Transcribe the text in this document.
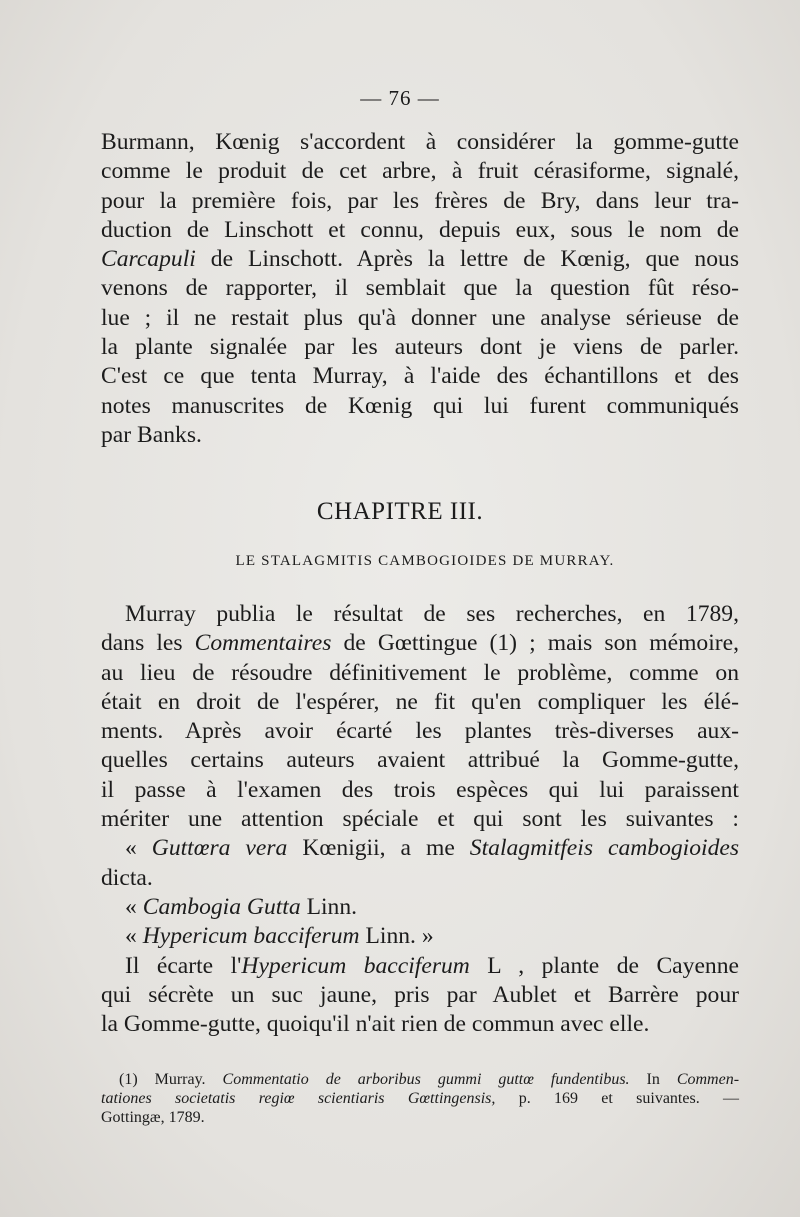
— 76 —
Burmann, Kœnig s'accordent à considérer la gomme-gutte
comme le produit de cet arbre, à fruit cérasiforme, signalé,
pour la première fois, par les frères de Bry, dans leur tra-
duction de Linschott et connu, depuis eux, sous le nom de
Carcapuli de Linschott. Après la lettre de Kœnig, que nous
venons de rapporter, il semblait que la question fût réso-
lue ; il ne restait plus qu'à donner une analyse sérieuse de
la plante signalée par les auteurs dont je viens de parler.
C'est ce que tenta Murray, à l'aide des échantillons et des
notes manuscrites de Kœnig qui lui furent communiqués
par Banks.
CHAPITRE III.
LE STALAGMITIS CAMBOGIOIDES DE MURRAY.
Murray publia le résultat de ses recherches, en 1789,
dans les Commentaires de Gœttingue (1) ; mais son mémoire,
au lieu de résoudre définitivement le problème, comme on
était en droit de l'espérer, ne fit qu'en compliquer les élé-
ments. Après avoir écarté les plantes très-diverses aux-
quelles certains auteurs avaient attribué la Gomme-gutte,
il passe à l'examen des trois espèces qui lui paraissent
mériter une attention spéciale et qui sont les suivantes :
« Guttœra vera Kœnigii, a me Stalagmitfeis cambogioides
dicta.
« Cambogia Gutta Linn.
« Hypericum bacciferum Linn. »
Il écarte l'Hypericum bacciferum L , plante de Cayenne
qui sécrète un suc jaune, pris par Aublet et Barrère pour
la Gomme-gutte, quoiqu'il n'ait rien de commun avec elle.
(1) Murray. Commentatio de arboribus gummi guttœ fundentibus. In Commen-
tationes societatis regiœ scientiaris Gœttingensis, p. 169 et suivantes. —
Gottingæ, 1789.
